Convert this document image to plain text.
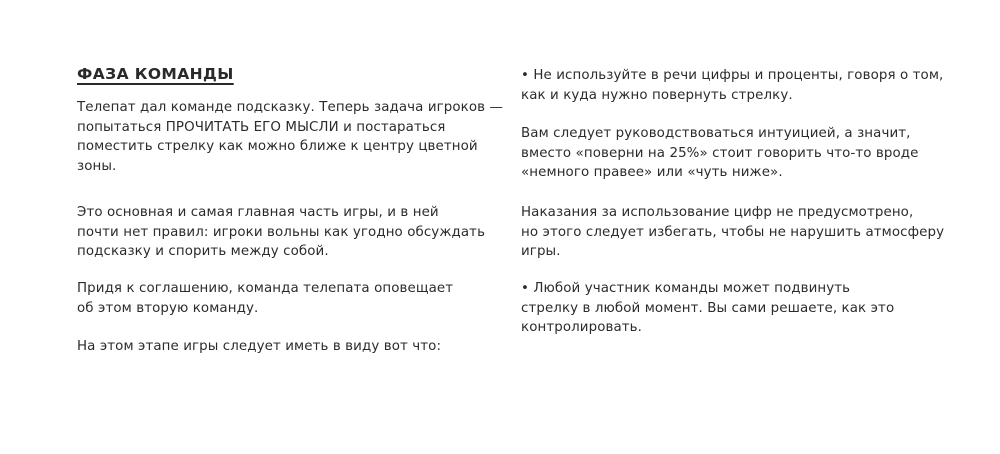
ФАЗА КОМАНДЫ

Телепат дал команде подсказку. Теперь задача игроков —
попытаться ПРОЧИТАТЬ ЕГО МЫСЛИ и постараться
поместить стрелку как можно ближе к центру цветной
зоны.

Это основная и самая главная часть игры, и в ней
почти нет правил: игроки вольны как угодно обсуждать
подсказку и спорить между собой.

Придя к соглашению, команда телепата оповещает
об этом вторую команду.

На этом этапе игры следует иметь в виду вот что:

• Не используйте в речи цифры и проценты, говоря о том,
как и куда нужно повернуть стрелку.

Вам следует руководствоваться интуицией, а значит,
вместо «поверни на 25%» стоит говорить что-то вроде
«немного правее» или «чуть ниже».

Наказания за использование цифр не предусмотрено,
но этого следует избегать, чтобы не нарушить атмосферу
игры.

• Любой участник команды может подвинуть
стрелку в любой момент. Вы сами решаете, как это
контролировать.
